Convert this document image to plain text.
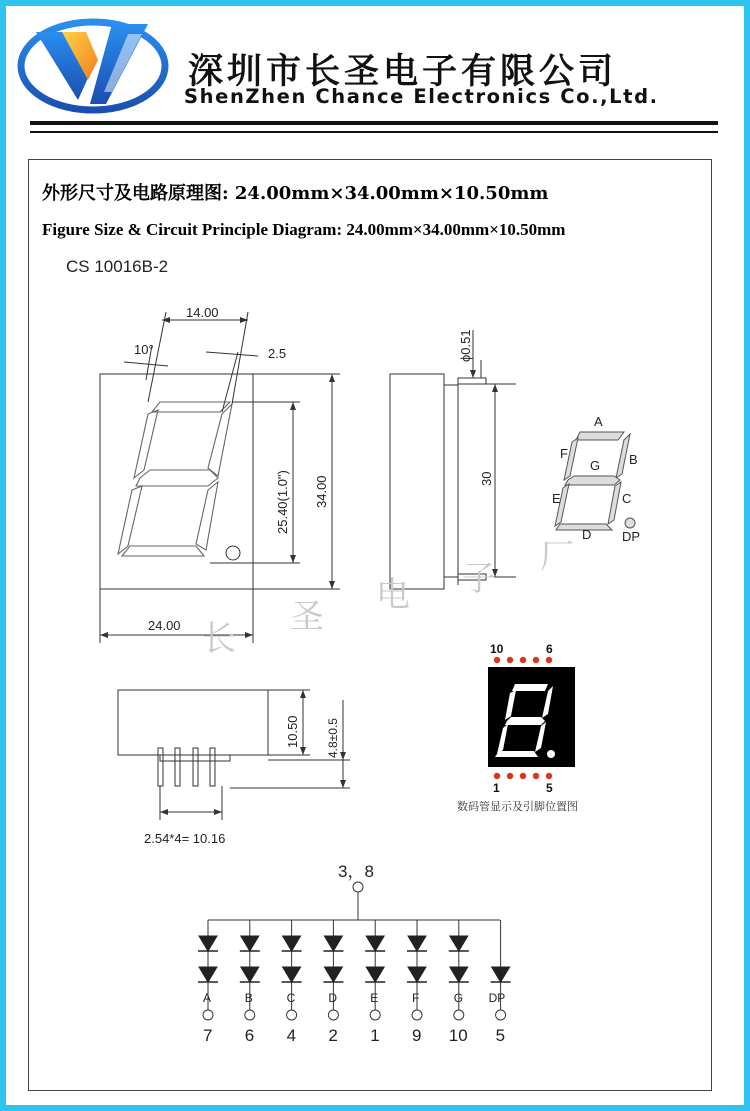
深圳市长圣电子有限公司
ShenZhen Chance Electronics Co.,Ltd.
外形尺寸及电路原理图: 24.00mm×34.00mm×10.50mm
Figure Size & Circuit Principle Diagram: 24.00mm×34.00mm×10.50mm
CS 10016B-2
14.00
10°	2.5
25.40(1.0") 34.00
24.00
ϕ0.51
30
10.50 4.8±0.5
2.54*4= 10.16
A
B
C
D
E
F
G
DP
长
圣
电 子
厂
10	6
1	5
数码管显示及引脚位置图
3，8
A
7
B
6
C
4
D
2
E
1
F
9
G
10
DP
5
